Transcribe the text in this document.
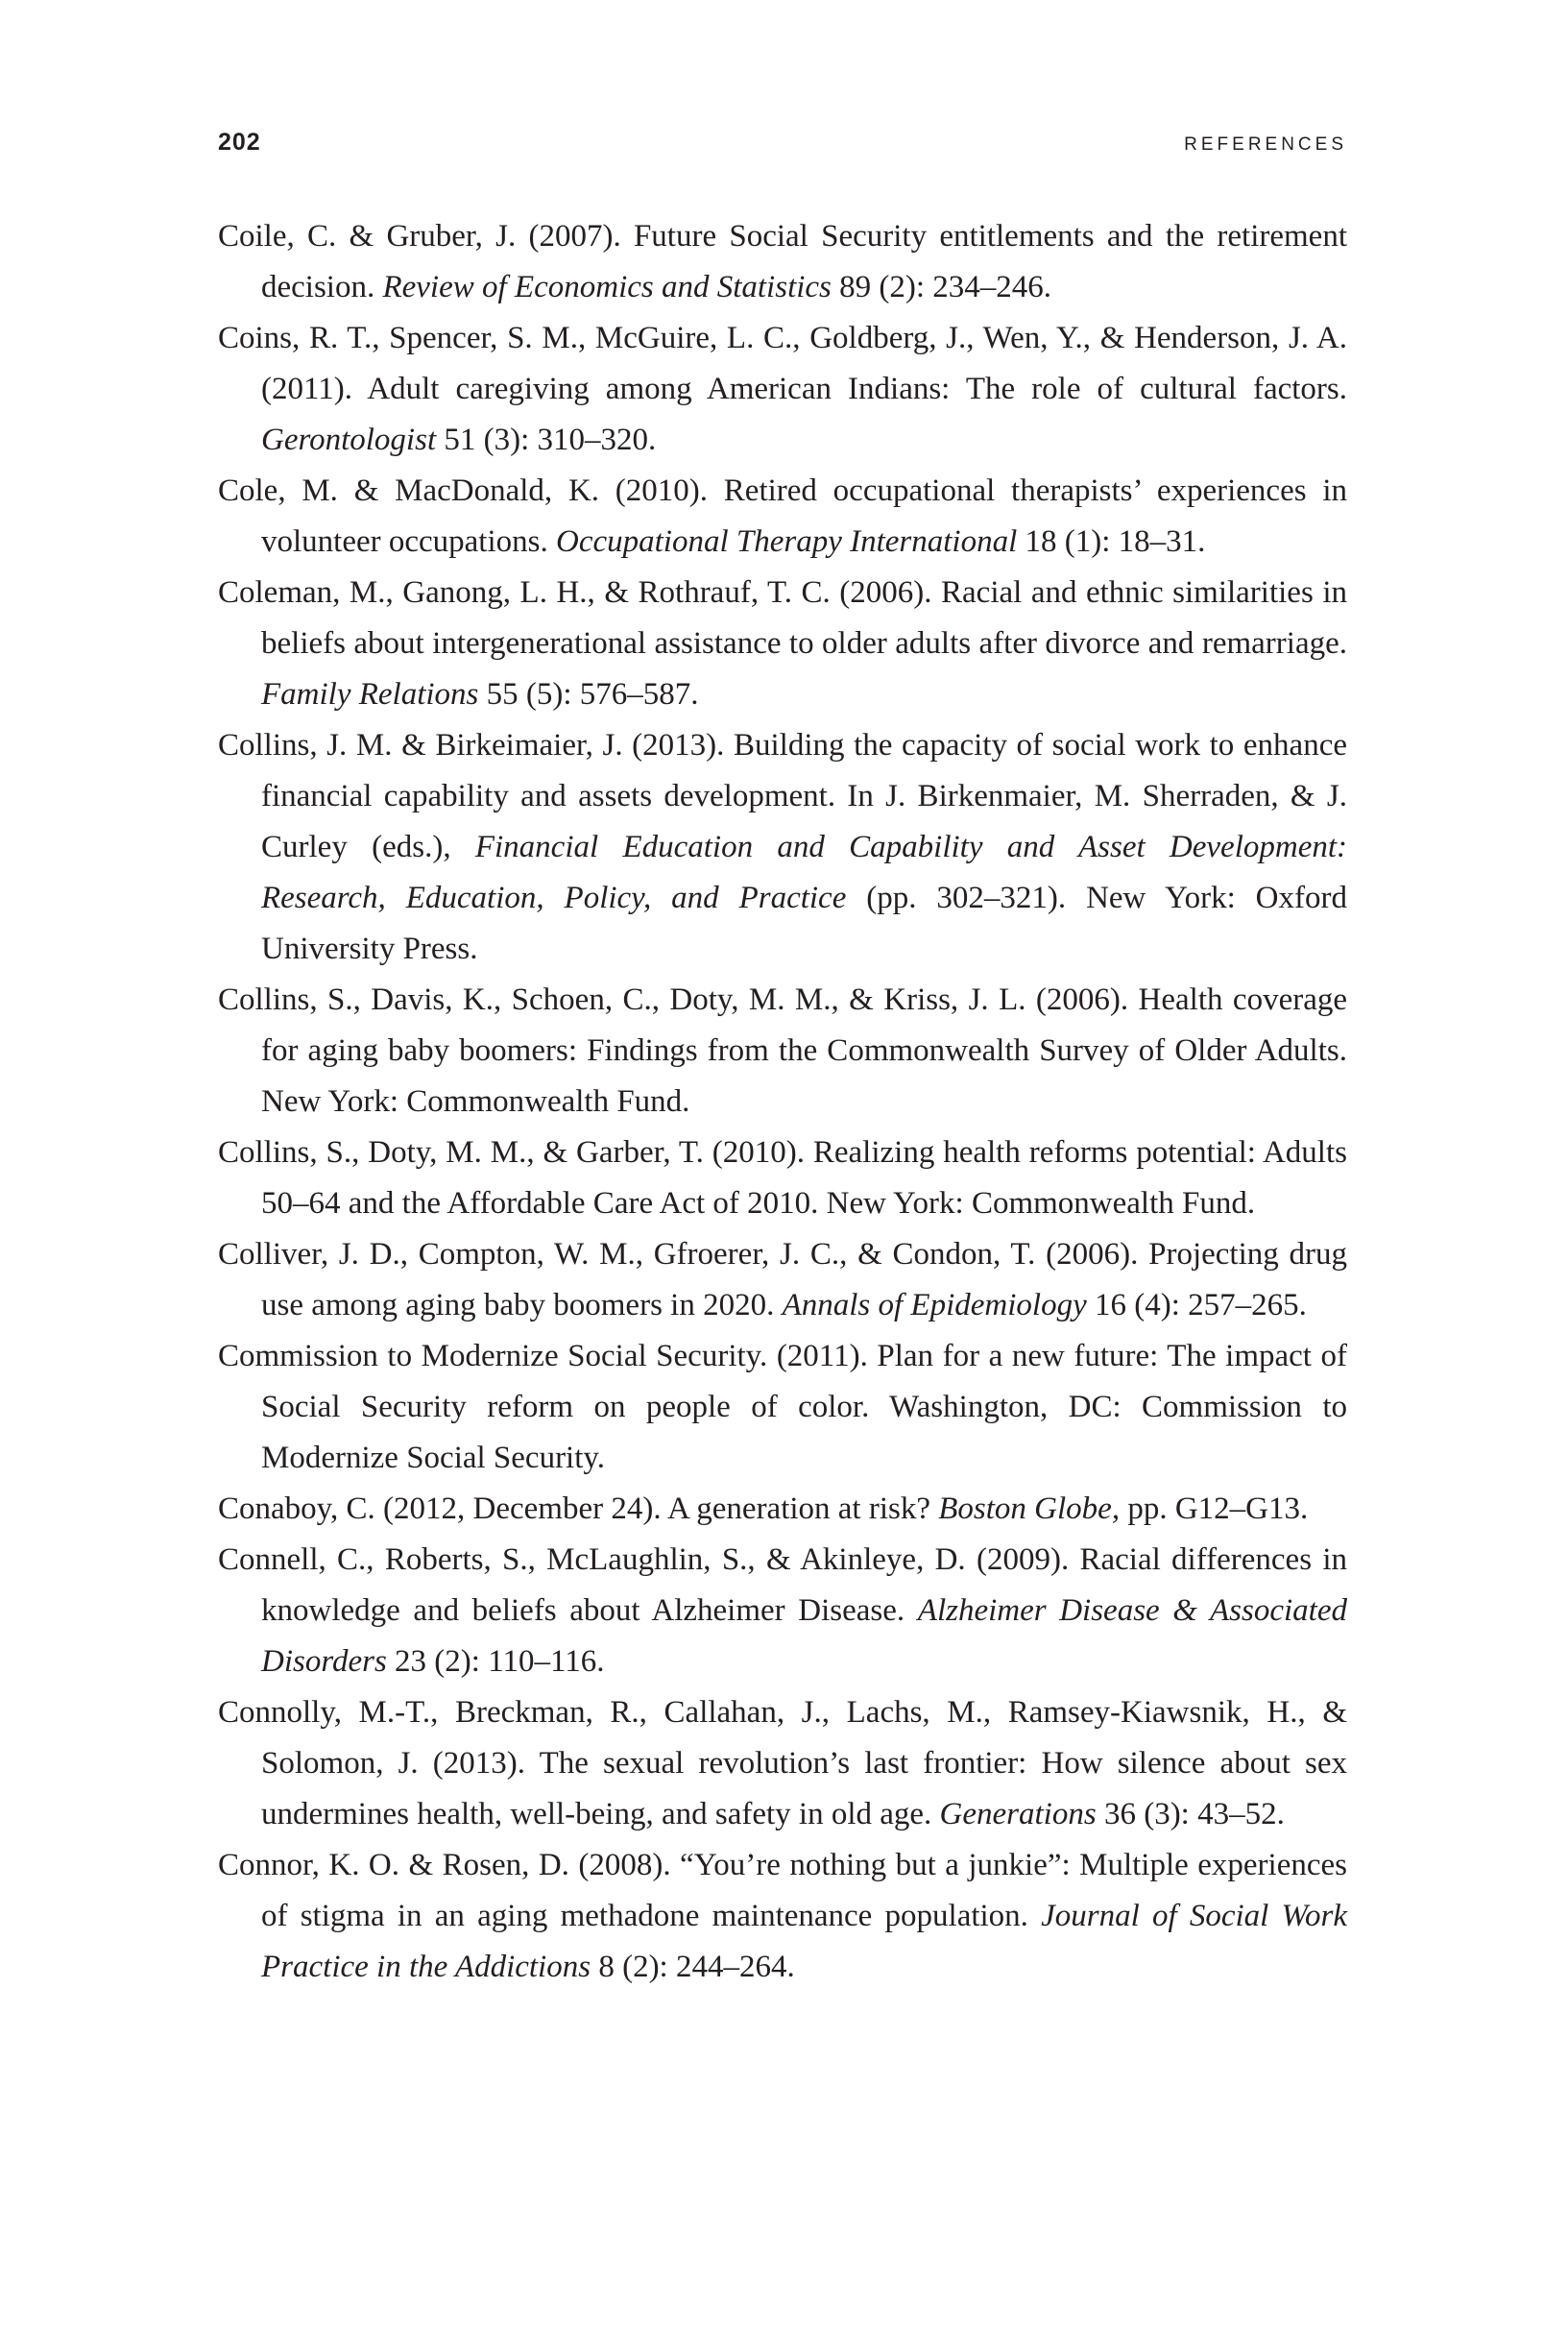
202	REFERENCES

Coile, C. & Gruber, J. (2007). Future Social Security entitlements and the retirement decision. Review of Economics and Statistics 89 (2): 234–246.

Coins, R. T., Spencer, S. M., McGuire, L. C., Goldberg, J., Wen, Y., & Henderson, J. A. (2011). Adult caregiving among American Indians: The role of cultural factors. Gerontologist 51 (3): 310–320.

Cole, M. & MacDonald, K. (2010). Retired occupational therapists’ experiences in volunteer occupations. Occupational Therapy International 18 (1): 18–31.

Coleman, M., Ganong, L. H., & Rothrauf, T. C. (2006). Racial and ethnic similarities in beliefs about intergenerational assistance to older adults after divorce and remarriage. Family Relations 55 (5): 576–587.

Collins, J. M. & Birkeimaier, J. (2013). Building the capacity of social work to enhance financial capability and assets development. In J. Birkenmaier, M. Sherraden, & J. Curley (eds.), Financial Education and Capability and Asset Development: Research, Education, Policy, and Practice (pp. 302–321). New York: Oxford University Press.

Collins, S., Davis, K., Schoen, C., Doty, M. M., & Kriss, J. L. (2006). Health coverage for aging baby boomers: Findings from the Commonwealth Survey of Older Adults. New York: Commonwealth Fund.

Collins, S., Doty, M. M., & Garber, T. (2010). Realizing health reforms potential: Adults 50–64 and the Affordable Care Act of 2010. New York: Commonwealth Fund.

Colliver, J. D., Compton, W. M., Gfroerer, J. C., & Condon, T. (2006). Projecting drug use among aging baby boomers in 2020. Annals of Epidemiology 16 (4): 257–265.

Commission to Modernize Social Security. (2011). Plan for a new future: The impact of Social Security reform on people of color. Washington, DC: Commission to Modernize Social Security.

Conaboy, C. (2012, December 24). A generation at risk? Boston Globe, pp. G12–G13.

Connell, C., Roberts, S., McLaughlin, S., & Akinleye, D. (2009). Racial differences in knowledge and beliefs about Alzheimer Disease. Alzheimer Disease & Associated Disorders 23 (2): 110–116.

Connolly, M.-T., Breckman, R., Callahan, J., Lachs, M., Ramsey-Kiawsnik, H., & Solomon, J. (2013). The sexual revolution’s last frontier: How silence about sex undermines health, well-being, and safety in old age. Generations 36 (3): 43–52.

Connor, K. O. & Rosen, D. (2008). “You’re nothing but a junkie”: Multiple experiences of stigma in an aging methadone maintenance population. Journal of Social Work Practice in the Addictions 8 (2): 244–264.
